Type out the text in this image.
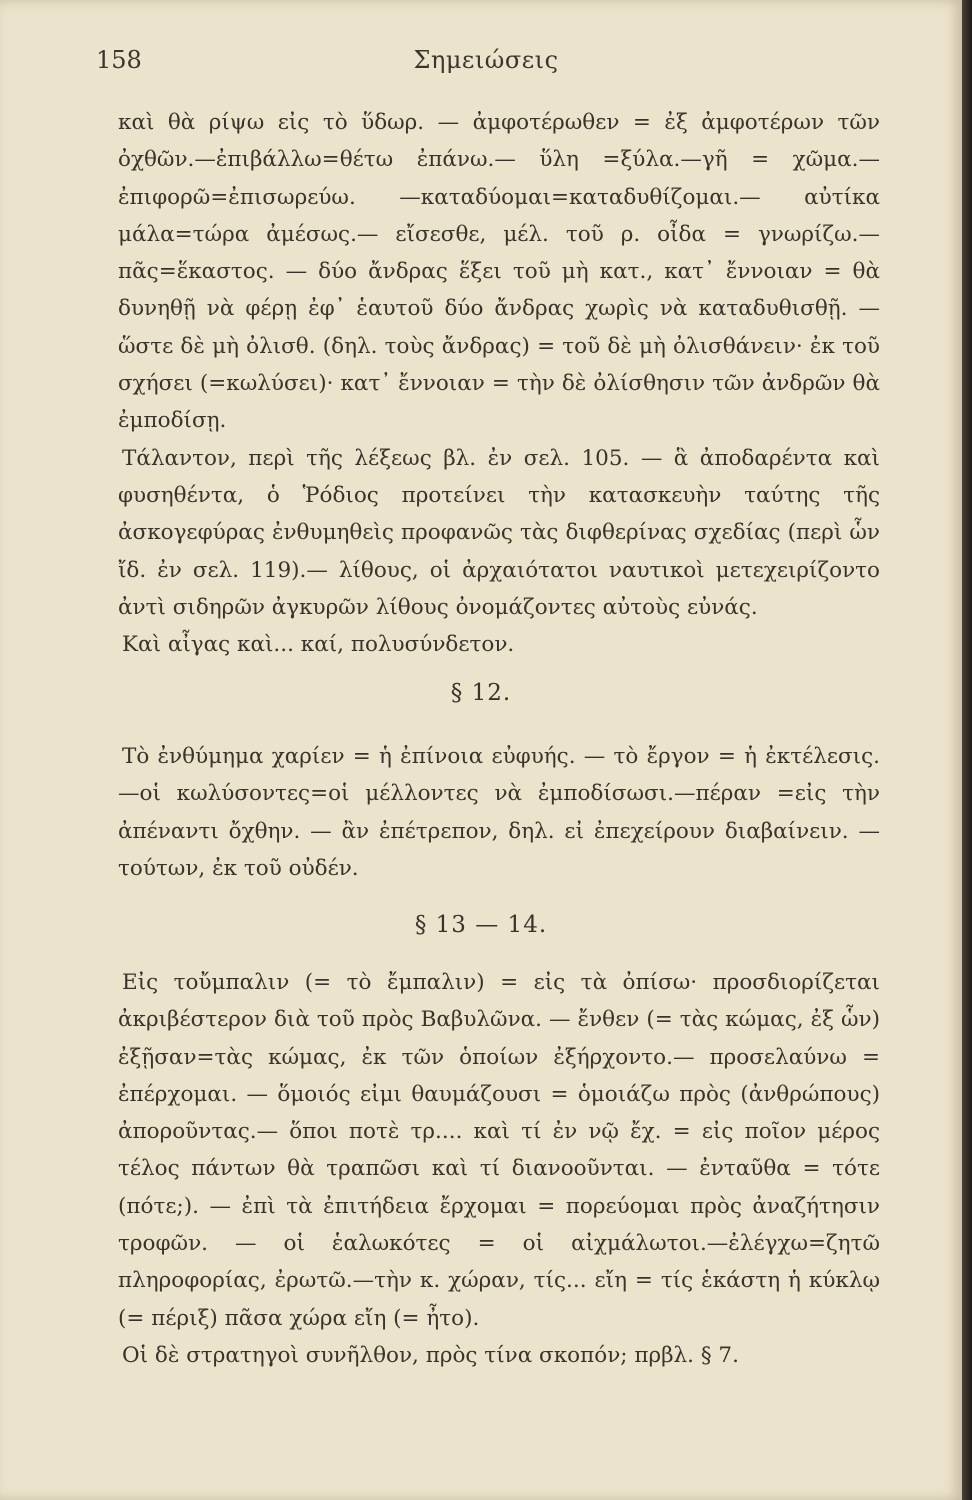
158	Σημειώσεις

καὶ θὰ ρίψω εἰς τὸ ὕδωρ. — ἀμφοτέρωθεν = ἐξ ἀμφοτέρων τῶν ὀχθῶν.—ἐπιβάλλω=θέτω ἐπάνω.— ὕλη =ξύλα.—γῆ = χῶμα.— ἐπιφορῶ=ἐπισωρεύω. —καταδύομαι=καταδυθίζομαι.— αὐτίκα μάλα=τώρα ἀμέσως.— εἴσεσθε, μέλ. τοῦ ρ. οἶδα = γνωρίζω.— πᾶς=ἕκαστος. — δύο ἄνδρας ἕξει τοῦ μὴ κατ., κατ᾽ ἔννοιαν = θὰ δυνηθῇ νὰ φέρῃ ἐφ᾽ ἑαυτοῦ δύο ἄνδρας χωρὶς νὰ καταδυθισθῇ. — ὥστε δὲ μὴ ὀλισθ. (δηλ. τοὺς ἄνδρας) = τοῦ δὲ μὴ ὀλισθάνειν· ἐκ τοῦ σχήσει (=κωλύσει)· κατ᾽ ἔννοιαν = τὴν δὲ ὀλίσθησιν τῶν ἀνδρῶν θὰ ἐμποδίσῃ.

Τάλαντον, περὶ τῆς λέξεως βλ. ἐν σελ. 105. — ἃ ἀποδαρέντα καὶ φυσηθέντα, ὁ Ῥόδιος προτείνει τὴν κατασκευὴν ταύτης τῆς ἀσκογεφύρας ἐνθυμηθεὶς προφανῶς τὰς διφθερίνας σχεδίας (περὶ ὧν ἴδ. ἐν σελ. 119).— λίθους, οἱ ἀρχαιότατοι ναυτικοὶ μετεχειρίζοντο ἀντὶ σιδηρῶν ἀγκυρῶν λίθους ὀνομάζοντες αὐτοὺς εὐνάς.

Καὶ αἶγας καὶ... καί, πολυσύνδετον.

§ 12.

Τὸ ἐνθύμημα χαρίεν = ἡ ἐπίνοια εὐφυής. — τὸ ἔργον = ἡ ἐκτέλεσις.—οἱ κωλύσοντες=οἱ μέλλοντες νὰ ἐμποδίσωσι.—πέραν =εἰς τὴν ἀπέναντι ὄχθην. — ἂν ἐπέτρεπον, δηλ. εἰ ἐπεχείρουν διαβαίνειν. — τούτων, ἐκ τοῦ οὐδέν.

§ 13 — 14.

Εἰς τοὔμπαλιν (= τὸ ἔμπαλιν) = εἰς τὰ ὀπίσω· προσδιορίζεται ἀκριβέστερον διὰ τοῦ πρὸς Βαβυλῶνα. — ἔνθεν (= τὰς κώμας, ἐξ ὧν) ἐξῇσαν=τὰς κώμας, ἐκ τῶν ὁποίων ἐξήρχοντο.— προσελαύνω = ἐπέρχομαι. — ὅμοιός εἰμι θαυμάζουσι = ὁμοιάζω πρὸς (ἀνθρώπους) ἀποροῦντας.— ὅποι ποτὲ τρ.... καὶ τί ἐν νῷ ἔχ. = εἰς ποῖον μέρος τέλος πάντων θὰ τραπῶσι καὶ τί διανοοῦνται. — ἐνταῦθα = τότε (πότε;). — ἐπὶ τὰ ἐπιτήδεια ἔρχομαι = πορεύομαι πρὸς ἀναζήτησιν τροφῶν. — οἱ ἑαλωκότες = οἱ αἰχμάλωτοι.—ἐλέγχω=ζητῶ πληροφορίας, ἐρωτῶ.—τὴν κ. χώραν, τίς... εἴη = τίς ἑκάστη ἡ κύκλῳ (= πέριξ) πᾶσα χώρα εἴη (= ἦτο).

Οἱ δὲ στρατηγοὶ συνῆλθον, πρὸς τίνα σκοπόν; πρβλ. § 7.
